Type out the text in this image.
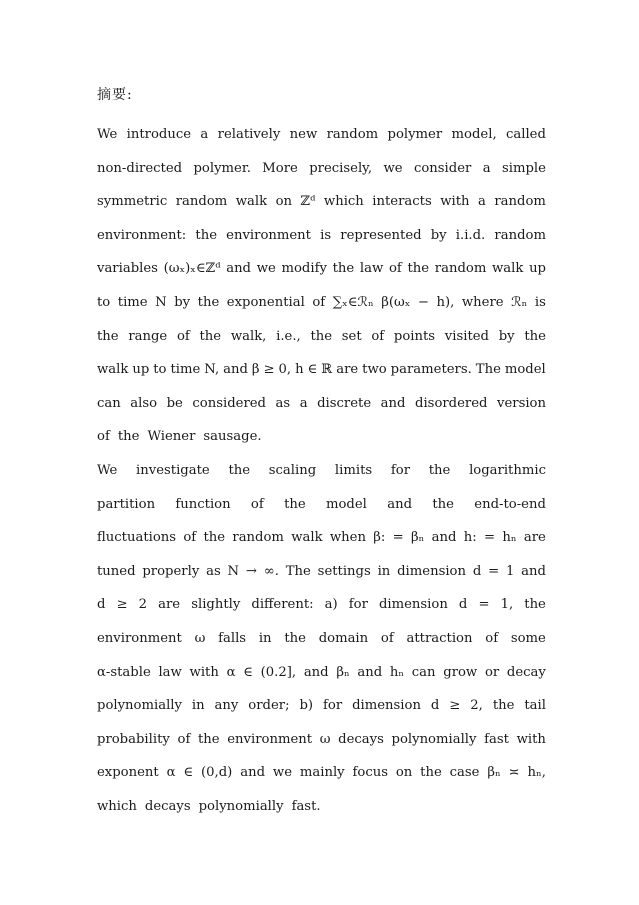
摘要:
We introduce a relatively new random polymer model, called
non-directed polymer. More precisely, we consider a simple
symmetric random walk on ℤᵈ which interacts with a random
environment: the environment is represented by i.i.d. random
variables (ωₓ)ₓ∈ℤᵈ and we modify the law of the random walk up
to time N by the exponential of ∑ₓ∈ℛₙ β(ωₓ − h), where ℛₙ is
the range of the walk, i.e., the set of points visited by the
walk up to time N, and β ≥ 0, h ∈ ℝ are two parameters. The model
can also be considered as a discrete and disordered version
of the Wiener sausage.
We investigate the scaling limits for the logarithmic
partition function of the model and the end-to-end
fluctuations of the random walk when β: = βₙ and h: = hₙ are
tuned properly as N → ∞. The settings in dimension d = 1 and
d ≥ 2 are slightly different: a) for dimension d = 1, the
environment ω falls in the domain of attraction of some
α-stable law with α ∈ (0.2], and βₙ and hₙ can grow or decay
polynomially in any order; b) for dimension d ≥ 2, the tail
probability of the environment ω decays polynomially fast with
exponent α ∈ (0,d) and we mainly focus on the case βₙ ≍ hₙ,
which decays polynomially fast.
